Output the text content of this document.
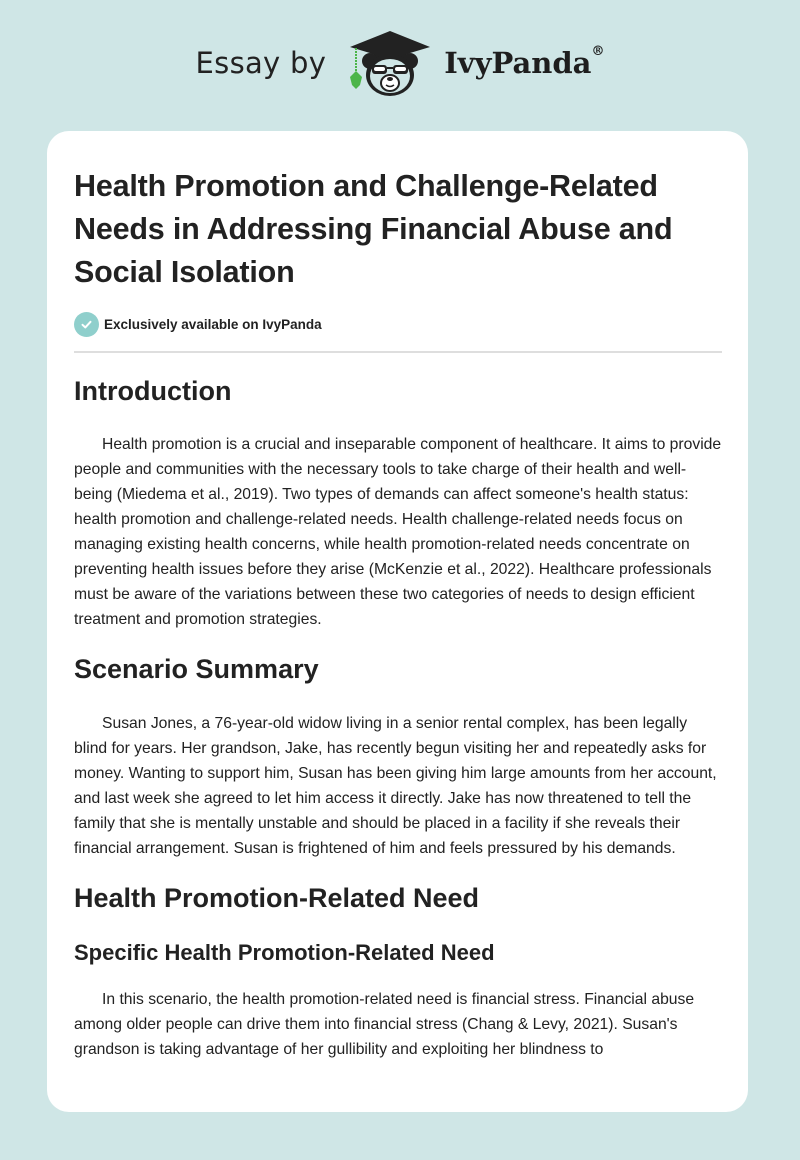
Essay by	IvyPanda®
Health Promotion and Challenge-Related Needs in Addressing Financial Abuse and Social Isolation
Exclusively available on IvyPanda
Introduction

Health promotion is a crucial and inseparable component of healthcare. It aims to provide people and communities with the necessary tools to take charge of their health and well-being (Miedema et al., 2019). Two types of demands can affect someone's health status: health promotion and challenge-related needs. Health challenge-related needs focus on managing existing health concerns, while health promotion-related needs concentrate on preventing health issues before they arise (McKenzie et al., 2022). Healthcare professionals must be aware of the variations between these two categories of needs to design efficient treatment and promotion strategies.

Scenario Summary

Susan Jones, a 76-year-old widow living in a senior rental complex, has been legally blind for years. Her grandson, Jake, has recently begun visiting her and repeatedly asks for money. Wanting to support him, Susan has been giving him large amounts from her account, and last week she agreed to let him access it directly. Jake has now threatened to tell the family that she is mentally unstable and should be placed in a facility if she reveals their financial arrangement. Susan is frightened of him and feels pressured by his demands.

Health Promotion-Related Need
Specific Health Promotion-Related Need

In this scenario, the health promotion-related need is financial stress. Financial abuse among older people can drive them into financial stress (Chang & Levy, 2021). Susan's grandson is taking advantage of her gullibility and exploiting her blindness to
